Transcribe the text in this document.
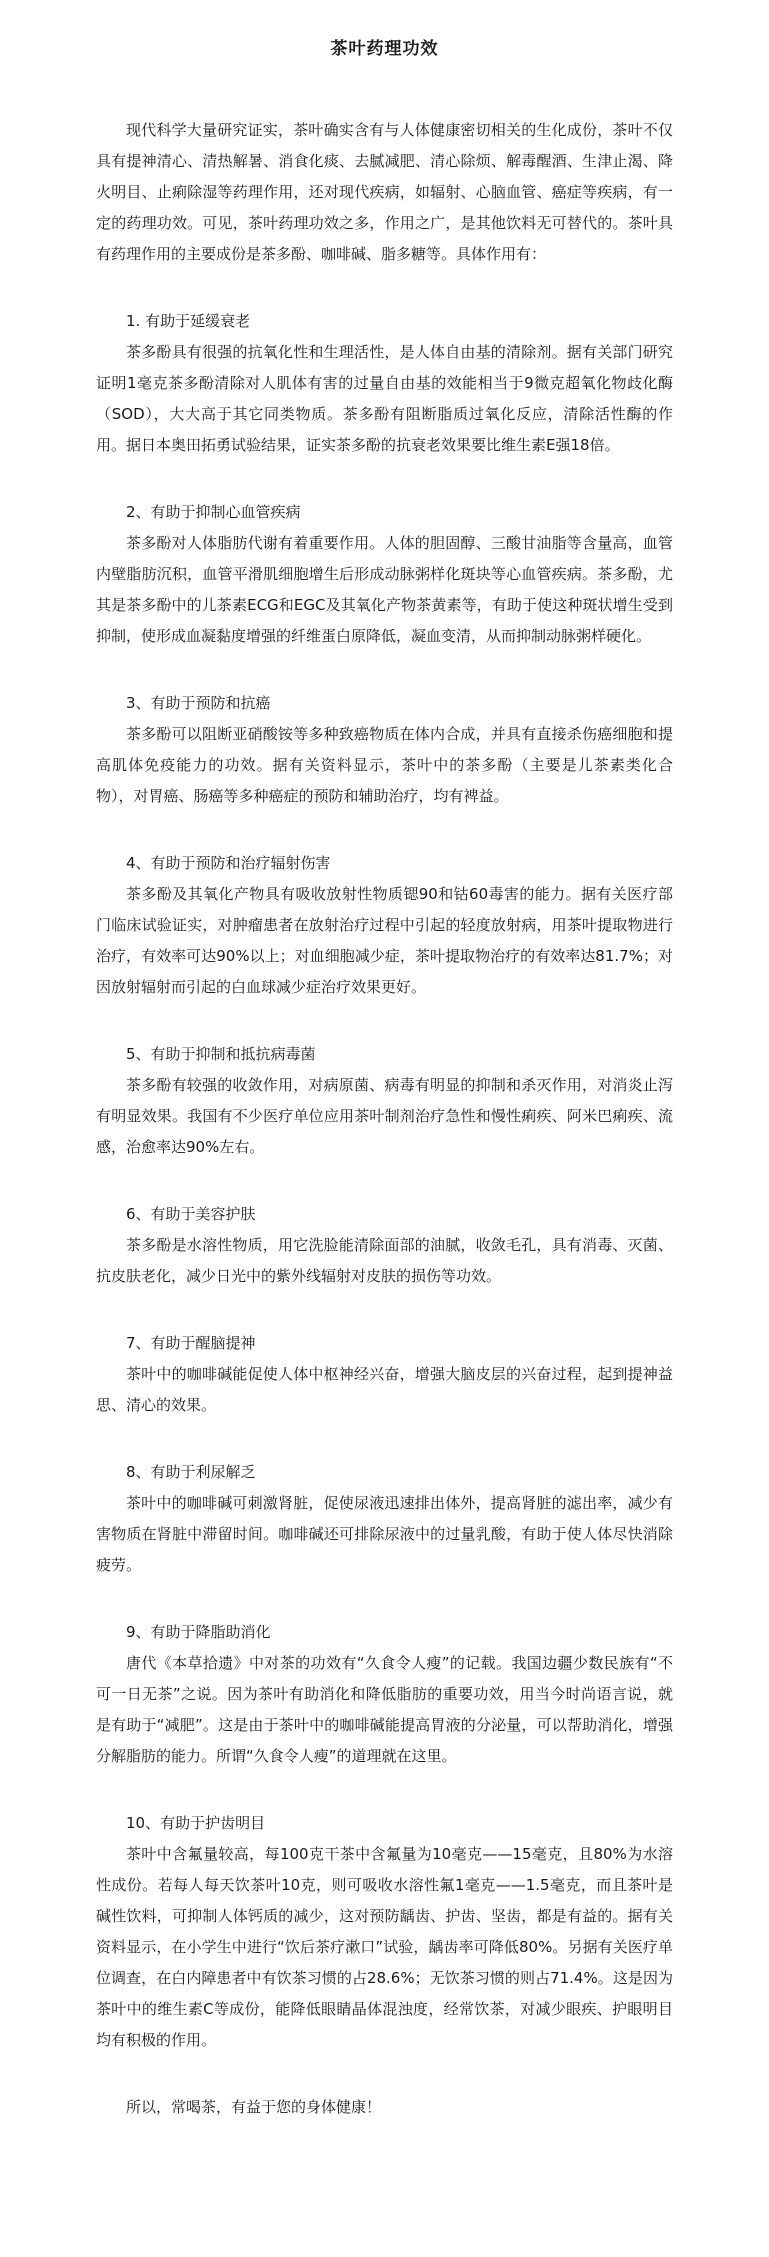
茶叶药理功效

现代科学大量研究证实，茶叶确实含有与人体健康密切相关的生化成份，茶叶不仅具有提神清心、清热解暑、消食化痰、去腻减肥、清心除烦、解毒醒酒、生津止渴、降火明目、止痢除湿等药理作用，还对现代疾病，如辐射、心脑血管、癌症等疾病，有一定的药理功效。可见，茶叶药理功效之多，作用之广，是其他饮料无可替代的。茶叶具有药理作用的主要成份是茶多酚、咖啡碱、脂多糖等。具体作用有：

1. 有助于延缓衰老

茶多酚具有很强的抗氧化性和生理活性，是人体自由基的清除剂。据有关部门研究证明1毫克茶多酚清除对人肌体有害的过量自由基的效能相当于9微克超氧化物歧化酶（SOD），大大高于其它同类物质。茶多酚有阻断脂质过氧化反应，清除活性酶的作用。据日本奥田拓勇试验结果，证实茶多酚的抗衰老效果要比维生素E强18倍。

2、有助于抑制心血管疾病

茶多酚对人体脂肪代谢有着重要作用。人体的胆固醇、三酸甘油脂等含量高，血管内壁脂肪沉积，血管平滑肌细胞增生后形成动脉粥样化斑块等心血管疾病。茶多酚，尤其是茶多酚中的儿茶素ECG和EGC及其氧化产物茶黄素等，有助于使这种斑状增生受到抑制，使形成血凝黏度增强的纤维蛋白原降低，凝血变清，从而抑制动脉粥样硬化。

3、有助于预防和抗癌

茶多酚可以阻断亚硝酸铵等多种致癌物质在体内合成，并具有直接杀伤癌细胞和提高肌体免疫能力的功效。据有关资料显示，茶叶中的茶多酚（主要是儿茶素类化合物），对胃癌、肠癌等多种癌症的预防和辅助治疗，均有裨益。

4、有助于预防和治疗辐射伤害

茶多酚及其氧化产物具有吸收放射性物质锶90和钴60毒害的能力。据有关医疗部门临床试验证实，对肿瘤患者在放射治疗过程中引起的轻度放射病，用茶叶提取物进行治疗，有效率可达90%以上；对血细胞减少症，茶叶提取物治疗的有效率达81.7%；对因放射辐射而引起的白血球减少症治疗效果更好。

5、有助于抑制和抵抗病毒菌

茶多酚有较强的收敛作用，对病原菌、病毒有明显的抑制和杀灭作用，对消炎止泻有明显效果。我国有不少医疗单位应用茶叶制剂治疗急性和慢性痢疾、阿米巴痢疾、流感，治愈率达90%左右。

6、有助于美容护肤

茶多酚是水溶性物质，用它洗脸能清除面部的油腻，收敛毛孔，具有消毒、灭菌、抗皮肤老化，减少日光中的紫外线辐射对皮肤的损伤等功效。

7、有助于醒脑提神

茶叶中的咖啡碱能促使人体中枢神经兴奋，增强大脑皮层的兴奋过程，起到提神益思、清心的效果。

8、有助于利尿解乏

茶叶中的咖啡碱可刺激肾脏，促使尿液迅速排出体外，提高肾脏的滤出率，减少有害物质在肾脏中滞留时间。咖啡碱还可排除尿液中的过量乳酸，有助于使人体尽快消除疲劳。

9、有助于降脂助消化

唐代《本草拾遗》中对茶的功效有“久食令人瘦”的记载。我国边疆少数民族有“不可一日无茶”之说。因为茶叶有助消化和降低脂肪的重要功效，用当今时尚语言说，就是有助于“减肥”。这是由于茶叶中的咖啡碱能提高胃液的分泌量，可以帮助消化，增强分解脂肪的能力。所谓“久食令人瘦”的道理就在这里。

10、有助于护齿明目

茶叶中含氟量较高，每100克干茶中含氟量为10毫克——15毫克，且80%为水溶性成份。若每人每天饮茶叶10克，则可吸收水溶性氟1毫克——1.5毫克，而且茶叶是碱性饮料，可抑制人体钙质的减少，这对预防龋齿、护齿、坚齿，都是有益的。据有关资料显示，在小学生中进行“饮后茶疗漱口”试验，龋齿率可降低80%。另据有关医疗单位调查，在白内障患者中有饮茶习惯的占28.6%；无饮茶习惯的则占71.4%。这是因为茶叶中的维生素C等成份，能降低眼睛晶体混浊度，经常饮茶，对减少眼疾、护眼明目均有积极的作用。

所以，常喝茶，有益于您的身体健康！
